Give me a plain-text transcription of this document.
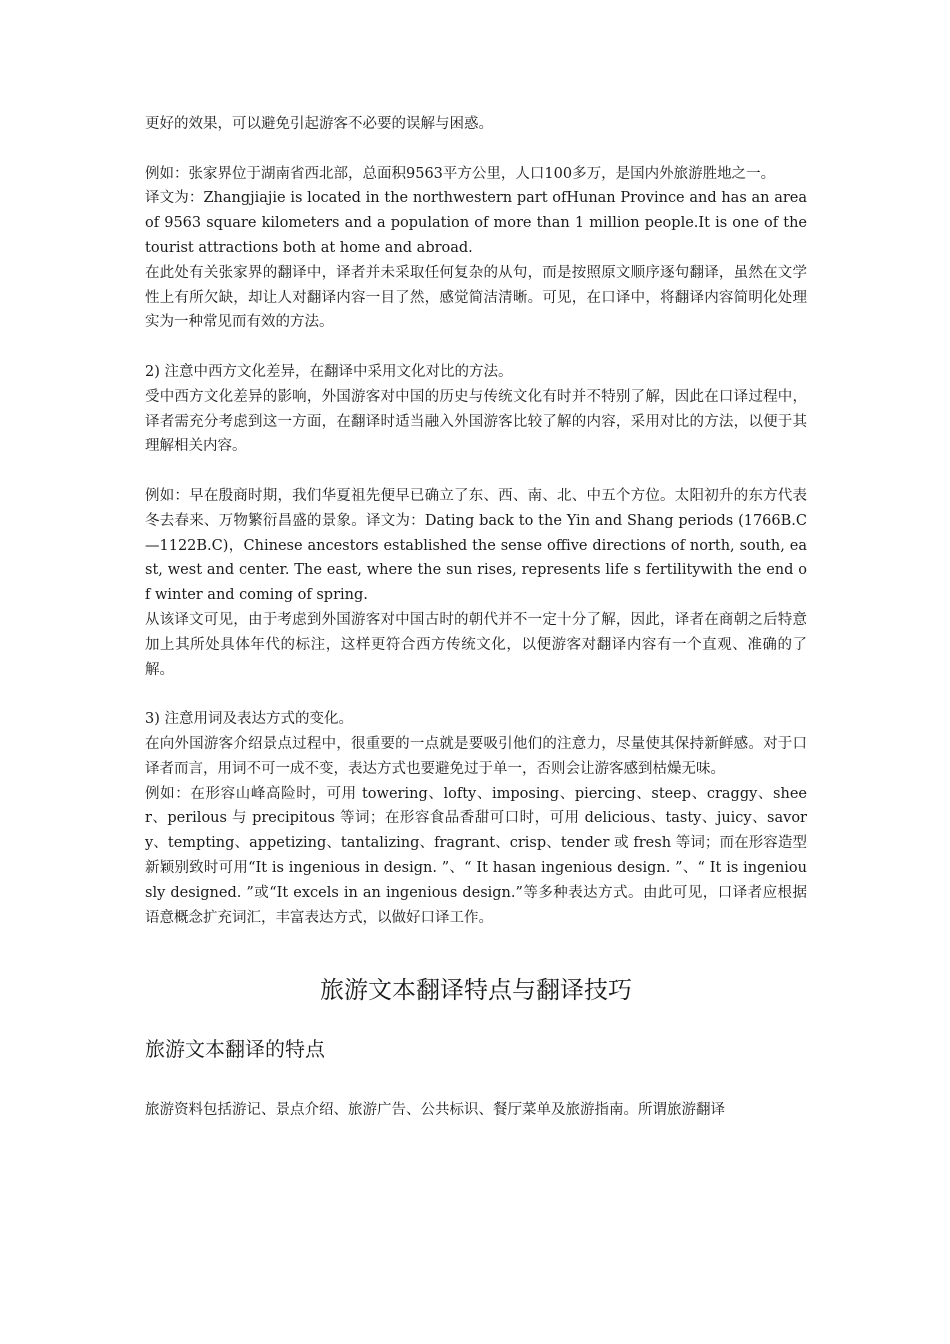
更好的效果，可以避免引起游客不必要的误解与困惑。

例如：张家界位于湖南省西北部，总面积9563平方公里，人口100多万，是国内外旅游胜地之一。

译文为：Zhangjiajie is located in the northwestern part ofHunan Province and has an area of 9563 square kilometers and a population of more than 1 million people.It is one of the tourist attractions both at home and abroad.

在此处有关张家界的翻译中，译者并未采取任何复杂的从句，而是按照原文顺序逐句翻译，虽然在文学性上有所欠缺，却让人对翻译内容一目了然，感觉简洁清晰。可见，在口译中，将翻译内容简明化处理实为一种常见而有效的方法。

2) 注意中西方文化差异，在翻译中采用文化对比的方法。

受中西方文化差异的影响，外国游客对中国的历史与传统文化有时并不特别了解，因此在口译过程中，译者需充分考虑到这一方面，在翻译时适当融入外国游客比较了解的内容，采用对比的方法，以便于其理解相关内容。

例如：早在殷商时期，我们华夏祖先便早已确立了东、西、南、北、中五个方位。太阳初升的东方代表冬去春来、万物繁衍昌盛的景象。译文为：Dating back to the Yin and Shang periods (1766B.C—1122B.C)，Chinese ancestors established the sense offive directions of north, south, east, west and center. The east, where the sun rises, represents life s fertilitywith the end of winter and coming of spring.

从该译文可见，由于考虑到外国游客对中国古时的朝代并不一定十分了解，因此，译者在商朝之后特意加上其所处具体年代的标注，这样更符合西方传统文化，以便游客对翻译内容有一个直观、准确的了解。

3) 注意用词及表达方式的变化。

在向外国游客介绍景点过程中，很重要的一点就是要吸引他们的注意力，尽量使其保持新鲜感。对于口译者而言，用词不可一成不变，表达方式也要避免过于单一，否则会让游客感到枯燥无味。

例如：在形容山峰高险时，可用 towering、lofty、imposing、piercing、steep、craggy、sheer、perilous 与 precipitous 等词；在形容食品香甜可口时，可用 delicious、tasty、juicy、savory、tempting、appetizing、tantalizing、fragrant、crisp、tender 或 fresh 等词；而在形容造型新颖别致时可用“It is ingenious in design. ”、“ It hasan ingenious design. ”、“ It is ingeniously designed. ”或“It excels in an ingenious design.”等多种表达方式。由此可见，口译者应根据语意概念扩充词汇，丰富表达方式，以做好口译工作。

旅游文本翻译特点与翻译技巧
旅游文本翻译的特点

旅游资料包括游记、景点介绍、旅游广告、公共标识、餐厅菜单及旅游指南。所谓旅游翻译
